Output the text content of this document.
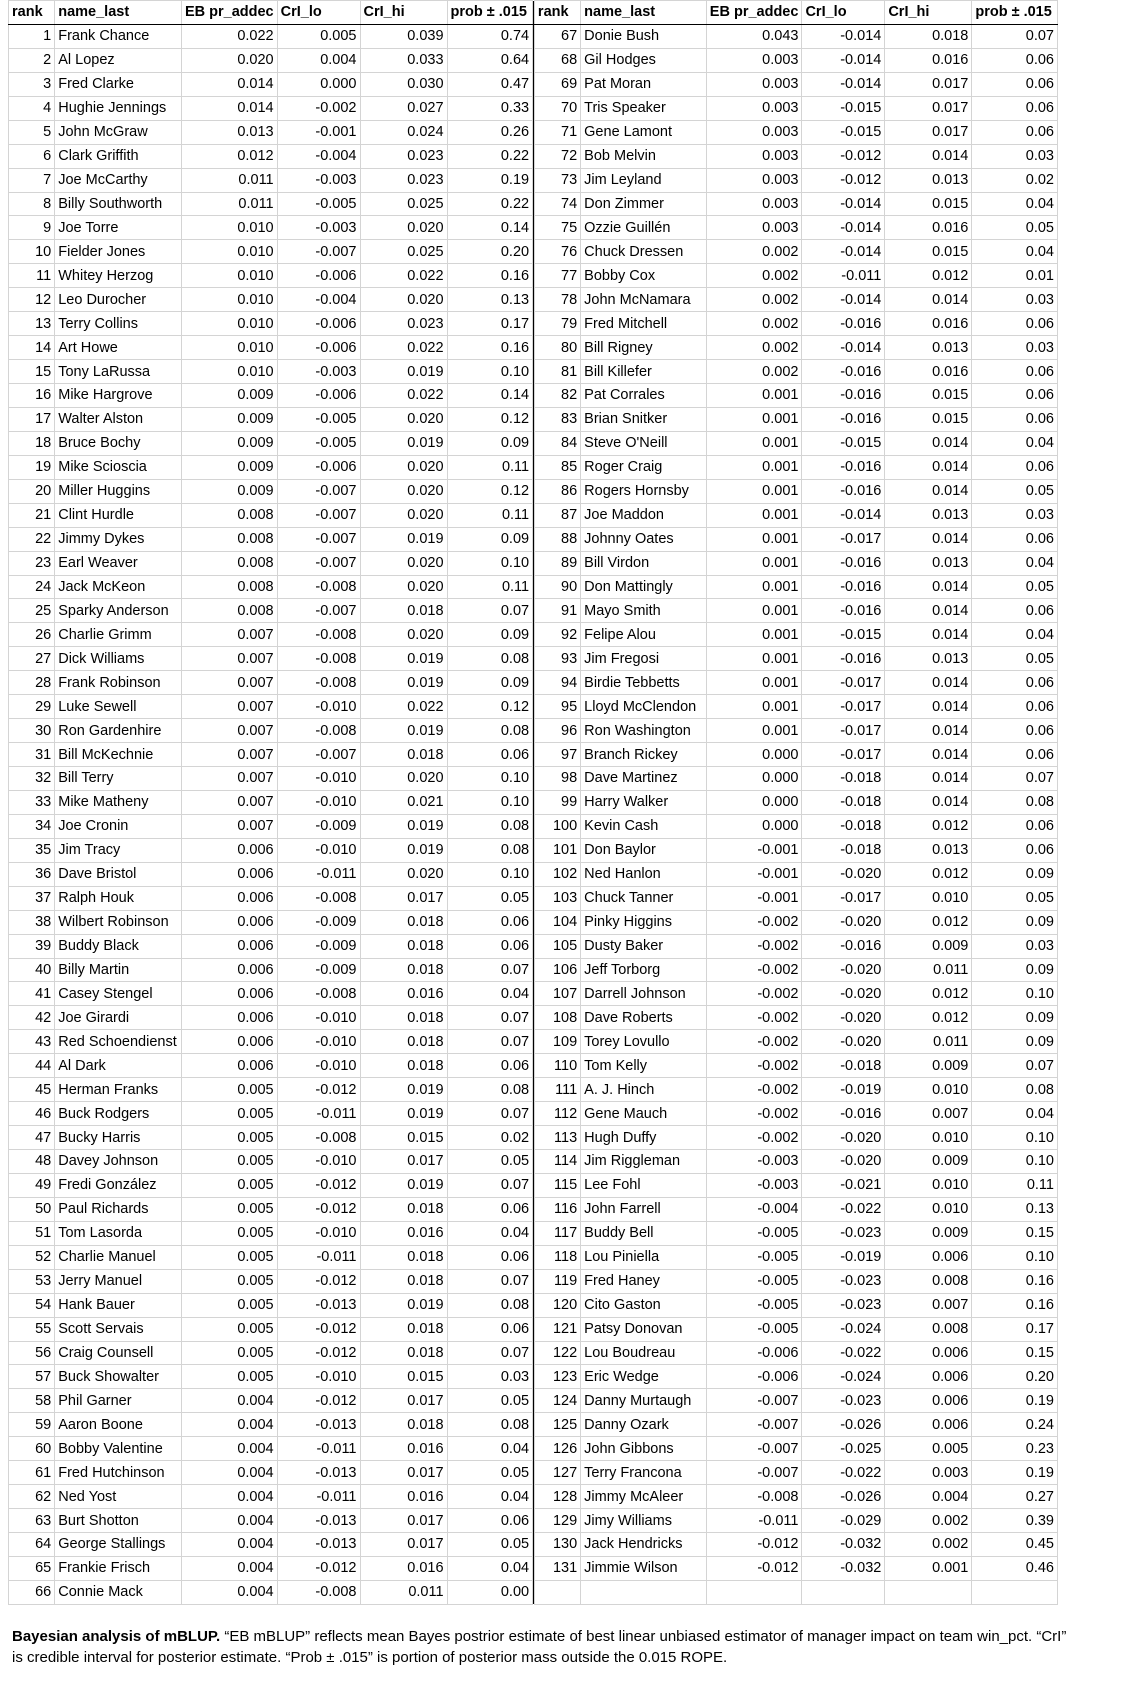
rank	name_last	EB pr_addec	CrI_lo	CrI_hi	prob ± .015		rank	name_last	EB pr_addec	CrI_lo	CrI_hi	prob ± .015
1	Frank Chance	0.022	0.005	0.039	0.74		67	Donie Bush	0.043	-0.014	0.018	0.07
2	Al Lopez	0.020	0.004	0.033	0.64		68	Gil Hodges	0.003	-0.014	0.016	0.06
3	Fred Clarke	0.014	0.000	0.030	0.47		69	Pat Moran	0.003	-0.014	0.017	0.06
4	Hughie Jennings	0.014	-0.002	0.027	0.33		70	Tris Speaker	0.003	-0.015	0.017	0.06
5	John McGraw	0.013	-0.001	0.024	0.26		71	Gene Lamont	0.003	-0.015	0.017	0.06
6	Clark Griffith	0.012	-0.004	0.023	0.22		72	Bob Melvin	0.003	-0.012	0.014	0.03
7	Joe McCarthy	0.011	-0.003	0.023	0.19		73	Jim Leyland	0.003	-0.012	0.013	0.02
8	Billy Southworth	0.011	-0.005	0.025	0.22		74	Don Zimmer	0.003	-0.014	0.015	0.04
9	Joe Torre	0.010	-0.003	0.020	0.14		75	Ozzie Guillén	0.003	-0.014	0.016	0.05
10	Fielder Jones	0.010	-0.007	0.025	0.20		76	Chuck Dressen	0.002	-0.014	0.015	0.04
11	Whitey Herzog	0.010	-0.006	0.022	0.16		77	Bobby Cox	0.002	-0.011	0.012	0.01
12	Leo Durocher	0.010	-0.004	0.020	0.13		78	John McNamara	0.002	-0.014	0.014	0.03
13	Terry Collins	0.010	-0.006	0.023	0.17		79	Fred Mitchell	0.002	-0.016	0.016	0.06
14	Art Howe	0.010	-0.006	0.022	0.16		80	Bill Rigney	0.002	-0.014	0.013	0.03
15	Tony LaRussa	0.010	-0.003	0.019	0.10		81	Bill Killefer	0.002	-0.016	0.016	0.06
16	Mike Hargrove	0.009	-0.006	0.022	0.14		82	Pat Corrales	0.001	-0.016	0.015	0.06
17	Walter Alston	0.009	-0.005	0.020	0.12		83	Brian Snitker	0.001	-0.016	0.015	0.06
18	Bruce Bochy	0.009	-0.005	0.019	0.09		84	Steve O'Neill	0.001	-0.015	0.014	0.04
19	Mike Scioscia	0.009	-0.006	0.020	0.11		85	Roger Craig	0.001	-0.016	0.014	0.06
20	Miller Huggins	0.009	-0.007	0.020	0.12		86	Rogers Hornsby	0.001	-0.016	0.014	0.05
21	Clint Hurdle	0.008	-0.007	0.020	0.11		87	Joe Maddon	0.001	-0.014	0.013	0.03
22	Jimmy Dykes	0.008	-0.007	0.019	0.09		88	Johnny Oates	0.001	-0.017	0.014	0.06
23	Earl Weaver	0.008	-0.007	0.020	0.10		89	Bill Virdon	0.001	-0.016	0.013	0.04
24	Jack McKeon	0.008	-0.008	0.020	0.11		90	Don Mattingly	0.001	-0.016	0.014	0.05
25	Sparky Anderson	0.008	-0.007	0.018	0.07		91	Mayo Smith	0.001	-0.016	0.014	0.06
26	Charlie Grimm	0.007	-0.008	0.020	0.09		92	Felipe Alou	0.001	-0.015	0.014	0.04
27	Dick Williams	0.007	-0.008	0.019	0.08		93	Jim Fregosi	0.001	-0.016	0.013	0.05
28	Frank Robinson	0.007	-0.008	0.019	0.09		94	Birdie Tebbetts	0.001	-0.017	0.014	0.06
29	Luke Sewell	0.007	-0.010	0.022	0.12		95	Lloyd McClendon	0.001	-0.017	0.014	0.06
30	Ron Gardenhire	0.007	-0.008	0.019	0.08		96	Ron Washington	0.001	-0.017	0.014	0.06
31	Bill McKechnie	0.007	-0.007	0.018	0.06		97	Branch Rickey	0.000	-0.017	0.014	0.06
32	Bill Terry	0.007	-0.010	0.020	0.10		98	Dave Martinez	0.000	-0.018	0.014	0.07
33	Mike Matheny	0.007	-0.010	0.021	0.10		99	Harry Walker	0.000	-0.018	0.014	0.08
34	Joe Cronin	0.007	-0.009	0.019	0.08		100	Kevin Cash	0.000	-0.018	0.012	0.06
35	Jim Tracy	0.006	-0.010	0.019	0.08		101	Don Baylor	-0.001	-0.018	0.013	0.06
36	Dave Bristol	0.006	-0.011	0.020	0.10		102	Ned Hanlon	-0.001	-0.020	0.012	0.09
37	Ralph Houk	0.006	-0.008	0.017	0.05		103	Chuck Tanner	-0.001	-0.017	0.010	0.05
38	Wilbert Robinson	0.006	-0.009	0.018	0.06		104	Pinky Higgins	-0.002	-0.020	0.012	0.09
39	Buddy Black	0.006	-0.009	0.018	0.06		105	Dusty Baker	-0.002	-0.016	0.009	0.03
40	Billy Martin	0.006	-0.009	0.018	0.07		106	Jeff Torborg	-0.002	-0.020	0.011	0.09
41	Casey Stengel	0.006	-0.008	0.016	0.04		107	Darrell Johnson	-0.002	-0.020	0.012	0.10
42	Joe Girardi	0.006	-0.010	0.018	0.07		108	Dave Roberts	-0.002	-0.020	0.012	0.09
43	Red Schoendienst	0.006	-0.010	0.018	0.07		109	Torey Lovullo	-0.002	-0.020	0.011	0.09
44	Al Dark	0.006	-0.010	0.018	0.06		110	Tom Kelly	-0.002	-0.018	0.009	0.07
45	Herman Franks	0.005	-0.012	0.019	0.08		111	A. J. Hinch	-0.002	-0.019	0.010	0.08
46	Buck Rodgers	0.005	-0.011	0.019	0.07		112	Gene Mauch	-0.002	-0.016	0.007	0.04
47	Bucky Harris	0.005	-0.008	0.015	0.02		113	Hugh Duffy	-0.002	-0.020	0.010	0.10
48	Davey Johnson	0.005	-0.010	0.017	0.05		114	Jim Riggleman	-0.003	-0.020	0.009	0.10
49	Fredi González	0.005	-0.012	0.019	0.07		115	Lee Fohl	-0.003	-0.021	0.010	0.11
50	Paul Richards	0.005	-0.012	0.018	0.06		116	John Farrell	-0.004	-0.022	0.010	0.13
51	Tom Lasorda	0.005	-0.010	0.016	0.04		117	Buddy Bell	-0.005	-0.023	0.009	0.15
52	Charlie Manuel	0.005	-0.011	0.018	0.06		118	Lou Piniella	-0.005	-0.019	0.006	0.10
53	Jerry Manuel	0.005	-0.012	0.018	0.07		119	Fred Haney	-0.005	-0.023	0.008	0.16
54	Hank Bauer	0.005	-0.013	0.019	0.08		120	Cito Gaston	-0.005	-0.023	0.007	0.16
55	Scott Servais	0.005	-0.012	0.018	0.06		121	Patsy Donovan	-0.005	-0.024	0.008	0.17
56	Craig Counsell	0.005	-0.012	0.018	0.07		122	Lou Boudreau	-0.006	-0.022	0.006	0.15
57	Buck Showalter	0.005	-0.010	0.015	0.03		123	Eric Wedge	-0.006	-0.024	0.006	0.20
58	Phil Garner	0.004	-0.012	0.017	0.05		124	Danny Murtaugh	-0.007	-0.023	0.006	0.19
59	Aaron Boone	0.004	-0.013	0.018	0.08		125	Danny Ozark	-0.007	-0.026	0.006	0.24
60	Bobby Valentine	0.004	-0.011	0.016	0.04		126	John Gibbons	-0.007	-0.025	0.005	0.23
61	Fred Hutchinson	0.004	-0.013	0.017	0.05		127	Terry Francona	-0.007	-0.022	0.003	0.19
62	Ned Yost	0.004	-0.011	0.016	0.04		128	Jimmy McAleer	-0.008	-0.026	0.004	0.27
63	Burt Shotton	0.004	-0.013	0.017	0.06		129	Jimy Williams	-0.011	-0.029	0.002	0.39
64	George Stallings	0.004	-0.013	0.017	0.05		130	Jack Hendricks	-0.012	-0.032	0.002	0.45
65	Frankie Frisch	0.004	-0.012	0.016	0.04		131	Jimmie Wilson	-0.012	-0.032	0.001	0.46
66	Connie Mack	0.004	-0.008	0.011	0.00							
Bayesian analysis of mBLUP. “EB mBLUP” reflects mean Bayes postrior estimate of best linear unbiased estimator of manager impact on team win_pct. “CrI” is credible interval for posterior estimate. “Prob ± .015” is portion of posterior mass outside the 0.015 ROPE.
